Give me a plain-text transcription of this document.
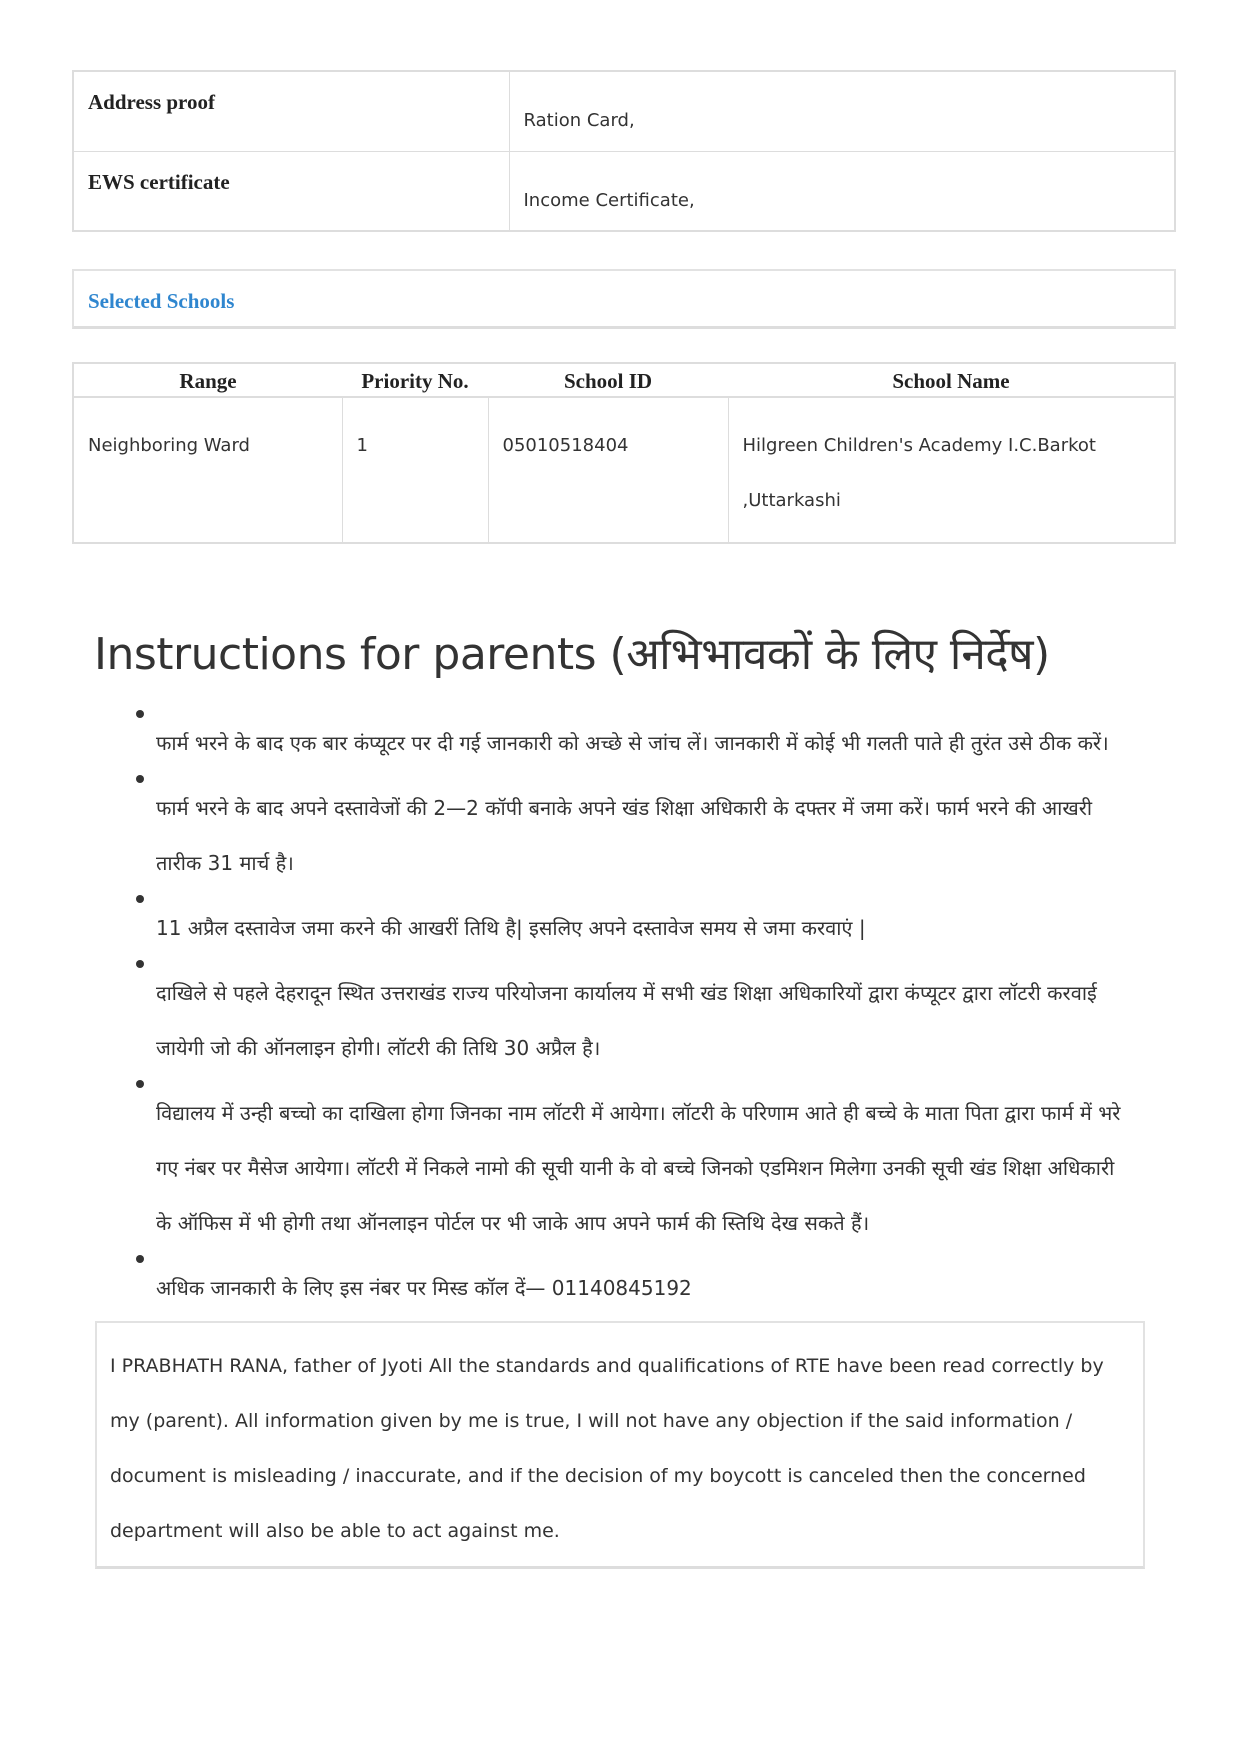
Address proof	Ration Card,
EWS certificate	Income Certificate,
Selected Schools
Range	Priority No.	School ID	School Name

Neighboring Ward	1	05010518404	Hilgreen Children's Academy I.C.Barkot ,Uttarkashi
Instructions for parents (अभिभावकों के लिए निर्देष)
फार्म भरने के बाद एक बार कंप्यूटर पर दी गई जानकारी को अच्छे से जांच लें। जानकारी में कोई भी गलती पाते ही तुरंत उसे ठीक करें।
फार्म भरने के बाद अपने दस्तावेजों की 2—2 कॉपी बनाके अपने खंड शिक्षा अधिकारी के दफ्तर में जमा करें। फार्म भरने की आखरी तारीक 31 मार्च है।
11 अप्रैल दस्तावेज जमा करने की आखरीं तिथि है| इसलिए अपने दस्तावेज समय से जमा करवाएं |
दाखिले से पहले देहरादून स्थित उत्तराखंड राज्य परियोजना कार्यालय में सभी खंड शिक्षा अधिकारियों द्वारा कंप्यूटर द्वारा लॉटरी करवाई जायेगी जो की ऑनलाइन होगी। लॉटरी की तिथि 30 अप्रैल है।
विद्यालय में उन्ही बच्चो का दाखिला होगा जिनका नाम लॉटरी में आयेगा। लॉटरी के परिणाम आते ही बच्चे के माता पिता द्वारा फार्म में भरे गए नंबर पर मैसेज आयेगा। लॉटरी में निकले नामो की सूची यानी के वो बच्चे जिनको एडमिशन मिलेगा उनकी सूची खंड शिक्षा अधिकारी के ऑफिस में भी होगी तथा ऑनलाइन पोर्टल पर भी जाके आप अपने फार्म की स्तिथि देख सकते हैं।
अधिक जानकारी के लिए इस नंबर पर मिस्ड कॉल दें— 01140845192

I PRABHATH RANA, father of Jyoti All the standards and qualifications of RTE have been read correctly by my (parent). All information given by me is true, I will not have any objection if the said information / document is misleading / inaccurate, and if the decision of my boycott is canceled then the concerned department will also be able to act against me.
